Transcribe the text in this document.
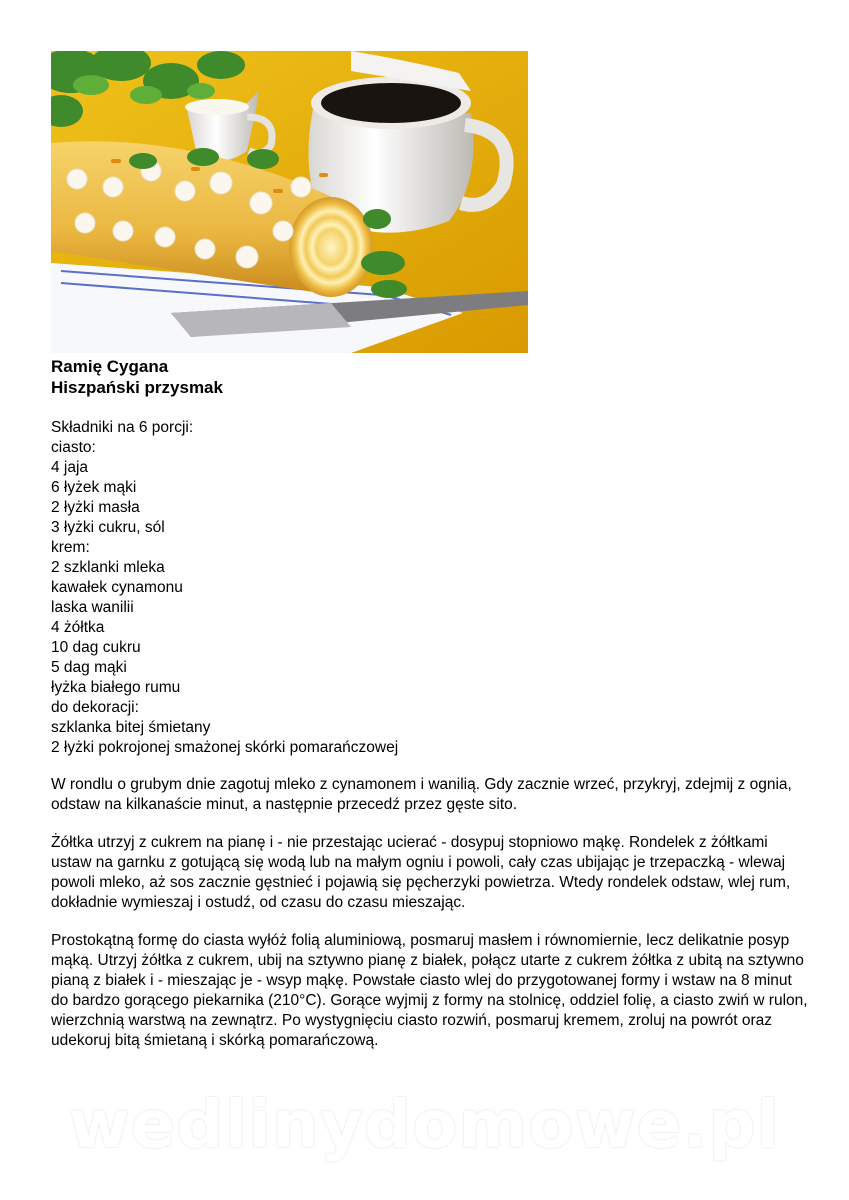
Ramię Cygana
Hiszpański przysmak
Składniki na 6 porcji:
ciasto:
4 jaja
6 łyżek mąki
2 łyżki masła
3 łyżki cukru, sól
krem:
2 szklanki mleka
kawałek cynamonu
laska wanilii
4 żółtka
10 dag cukru
5 dag mąki
łyżka białego rumu
do dekoracji:
szklanka bitej śmietany
2 łyżki pokrojonej smażonej skórki pomarańczowej

W rondlu o grubym dnie zagotuj mleko z cynamonem i wanilią. Gdy zacznie wrzeć, przykryj, zdejmij z ognia, odstaw na kilkanaście minut, a następnie przecedź przez gęste sito.

Żółtka utrzyj z cukrem na pianę i - nie przestając ucierać - dosypuj stopniowo mąkę. Rondelek z żółtkami ustaw na garnku z gotującą się wodą lub na małym ogniu i powoli, cały czas ubijając je trzepaczką - wlewaj powoli mleko, aż sos zacznie gęstnieć i pojawią się pęcherzyki powietrza. Wtedy rondelek odstaw, wlej rum, dokładnie wymieszaj i ostudź, od czasu do czasu mieszając.

Prostokątną formę do ciasta wyłóż folią aluminiową, posmaruj masłem i równomiernie, lecz delikatnie posyp mąką. Utrzyj żółtka z cukrem, ubij na sztywno pianę z białek, połącz utarte z cukrem żółtka z ubitą na sztywno pianą z białek i - mieszając je - wsyp mąkę. Powstałe ciasto wlej do przygotowanej formy i wstaw na 8 minut do bardzo gorącego piekarnika (210°C). Gorące wyjmij z formy na stolnicę, oddziel folię, a ciasto zwiń w rulon, wierzchnią warstwą na zewnątrz. Po wystygnięciu ciasto rozwiń, posmaruj kremem, zroluj na powrót oraz udekoruj bitą śmietaną i skórką pomarańczową.

wedlinydomowe.pl
